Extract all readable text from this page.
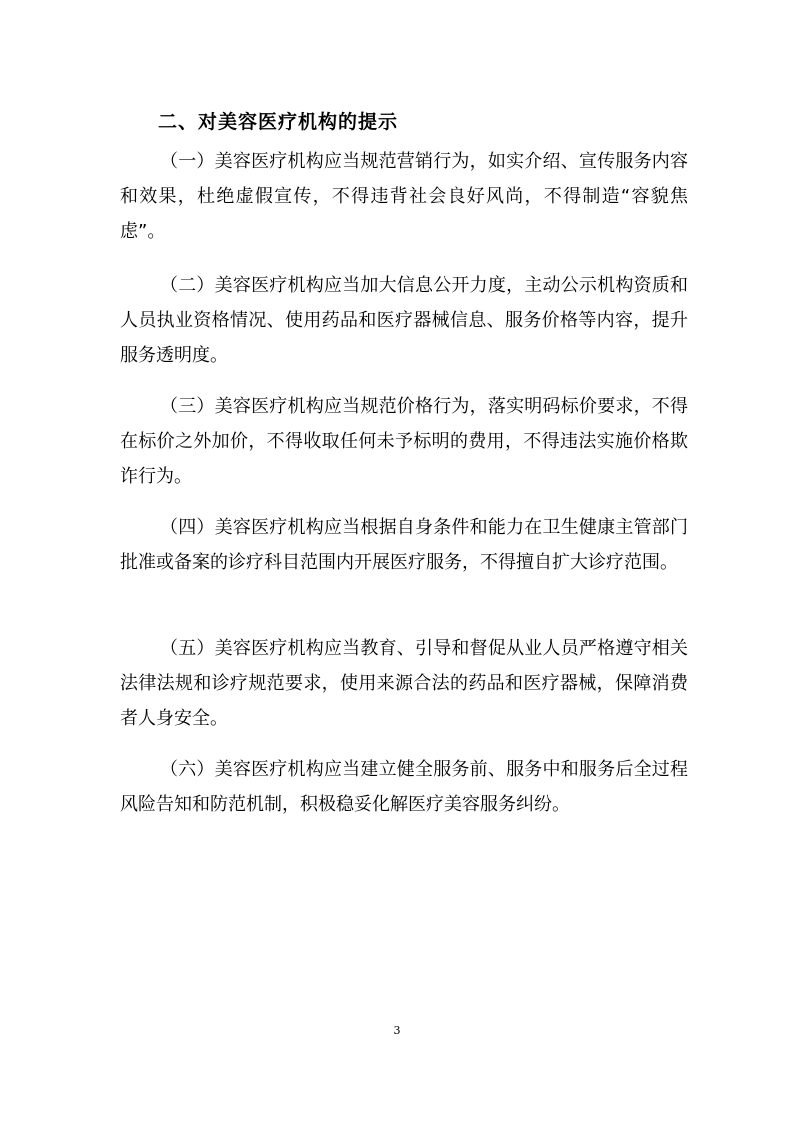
二、对美容医疗机构的提示
（一）美容医疗机构应当规范营销行为，如实介绍、宣传服务内容和效果，杜绝虚假宣传，不得违背社会良好风尚，不得制造“容貌焦虑”。
（二）美容医疗机构应当加大信息公开力度，主动公示机构资质和人员执业资格情况、使用药品和医疗器械信息、服务价格等内容，提升服务透明度。
（三）美容医疗机构应当规范价格行为，落实明码标价要求，不得在标价之外加价，不得收取任何未予标明的费用，不得违法实施价格欺诈行为。
（四）美容医疗机构应当根据自身条件和能力在卫生健康主管部门批准或备案的诊疗科目范围内开展医疗服务，不得擅自扩大诊疗范围。
（五）美容医疗机构应当教育、引导和督促从业人员严格遵守相关法律法规和诊疗规范要求，使用来源合法的药品和医疗器械，保障消费者人身安全。
（六）美容医疗机构应当建立健全服务前、服务中和服务后全过程风险告知和防范机制，积极稳妥化解医疗美容服务纠纷。
3
